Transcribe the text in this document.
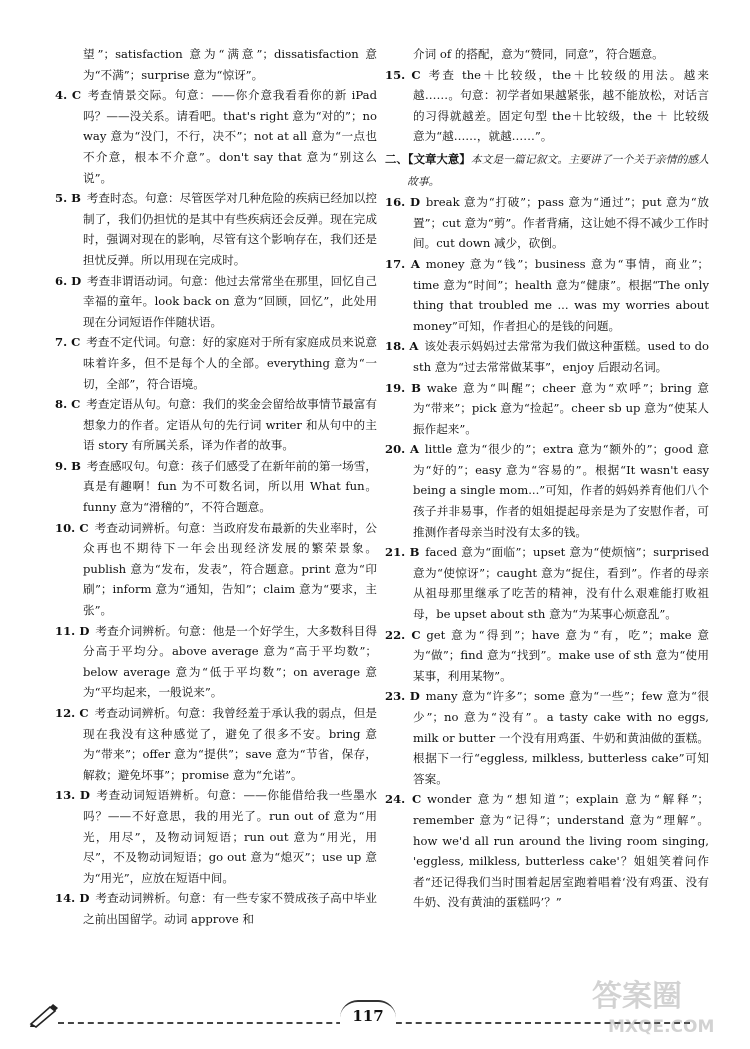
望”；satisfaction 意为“满意”；dissatisfaction 意为“不满”；surprise 意为“惊讶”。

4. C  考查情景交际。句意：——你介意我看看你的新 iPad 吗？——没关系。请看吧。that's right 意为“对的”；no way 意为“没门，不行，决不”；not at all 意为“一点也不介意，根本不介意”。don't say that 意为“别这么说”。

5. B  考查时态。句意：尽管医学对几种危险的疾病已经加以控制了，我们仍担忧的是其中有些疾病还会反弹。现在完成时，强调对现在的影响，尽管有这个影响存在，我们还是担忧反弹。所以用现在完成时。

6. D  考查非谓语动词。句意：他过去常常坐在那里，回忆自己幸福的童年。look back on 意为“回顾，回忆”，此处用现在分词短语作伴随状语。

7. C  考查不定代词。句意：好的家庭对于所有家庭成员来说意味着许多，但不是每个人的全部。everything 意为“一切，全部”，符合语境。

8. C  考查定语从句。句意：我们的奖金会留给故事情节最富有想象力的作者。定语从句的先行词 writer 和从句中的主语 story 有所属关系，译为作者的故事。

9. B  考查感叹句。句意：孩子们感受了在新年前的第一场雪，真是有趣啊！fun 为不可数名词，所以用 What fun。funny 意为“滑稽的”，不符合题意。

10. C  考查动词辨析。句意：当政府发布最新的失业率时，公众再也不期待下一年会出现经济发展的繁荣景象。publish 意为“发布，发表”，符合题意。print 意为“印刷”；inform 意为“通知，告知”；claim 意为“要求，主张”。

11. D  考查介词辨析。句意：他是一个好学生，大多数科目得分高于平均分。above average 意为“高于平均数”；below average 意为“低于平均数”；on average 意为“平均起来，一般说来”。

12. C  考查动词辨析。句意：我曾经羞于承认我的弱点，但是现在我没有这种感觉了，避免了很多不安。bring 意为“带来”；offer 意为“提供”；save 意为“节省，保存，解救；避免坏事”；promise 意为“允诺”。

13. D  考查动词短语辨析。句意：——你能借给我一些墨水吗？——不好意思，我的用光了。run out of 意为“用光，用尽”，及物动词短语；run out 意为“用光，用尽”，不及物动词短语；go out 意为“熄灭”；use up 意为“用光”，应放在短语中间。

14. D  考查动词辨析。句意：有一些专家不赞成孩子高中毕业之前出国留学。动词 approve 和

介词 of 的搭配，意为“赞同，同意”，符合题意。

15. C  考查 the＋比较级，the＋比较级的用法。越来越……。句意：初学者如果越紧张，越不能放松，对话言的习得就越差。固定句型 the＋比较级，the ＋ 比较级 意为“越……，就越……”。

二、【文章大意】本文是一篇记叙文。主要讲了一个关于亲情的感人故事。

16. D  break 意为“打破”；pass 意为“通过”；put 意为“放置”；cut 意为“剪”。作者背痛，这让她不得不减少工作时间。cut down 减少，砍倒。

17. A  money 意为“钱”；business 意为“事情，商业”；time 意为“时间”；health 意为“健康”。根据“The only thing that troubled me ... was my worries about money”可知，作者担心的是钱的问题。

18. A  该处表示妈妈过去常常为我们做这种蛋糕。used to do sth 意为“过去常常做某事”，enjoy 后跟动名词。

19. B  wake 意为“叫醒”；cheer 意为“欢呼”；bring 意为“带来”；pick 意为“捡起”。cheer sb up 意为“使某人振作起来”。

20. A  little 意为“很少的”；extra 意为“额外的”；good 意为“好的”；easy 意为“容易的”。根据“It wasn't easy being a single mom...”可知，作者的妈妈养育他们八个孩子并非易事，作者的姐姐提起母亲是为了安慰作者，可推测作者母亲当时没有太多的钱。

21. B  faced 意为“面临”；upset 意为“使烦恼”；surprised 意为“使惊讶”；caught 意为“捉住，看到”。作者的母亲从祖母那里继承了吃苦的精神，没有什么艰难能打败祖母，be upset about sth 意为“为某事心烦意乱”。

22. C  get 意为“得到”；have 意为“有，吃”；make 意为“做”；find 意为“找到”。make use of sth 意为“使用某事，利用某物”。

23. D  many 意为“许多”；some 意为“一些”；few 意为“很少”；no 意为“没有”。a tasty cake with no eggs, milk or butter 一个没有用鸡蛋、牛奶和黄油做的蛋糕。根据下一行“eggless, milkless, butterless cake”可知答案。

24. C  wonder 意为“想知道”；explain 意为“解释”；remember 意为“记得”；understand 意为“理解”。how we'd all run around the living room singing, 'eggless, milkless, butterless cake'？姐姐笑着问作者“还记得我们当时围着起居室跑着唱着‘没有鸡蛋、没有牛奶、没有黄油的蛋糕吗’？”

117
答案圈
MXQE.COM
